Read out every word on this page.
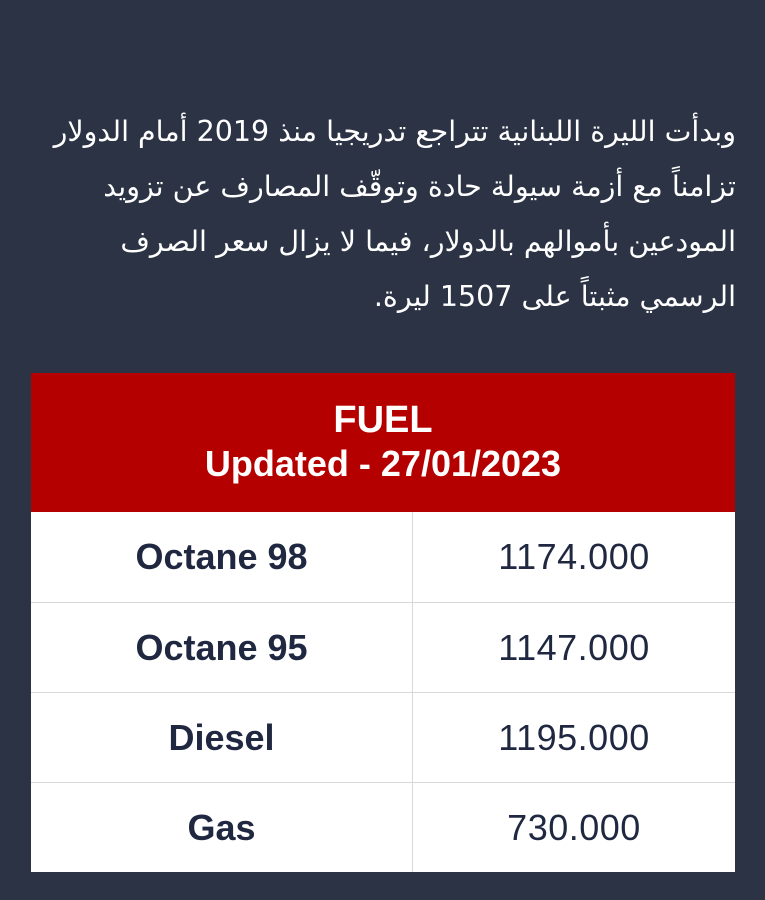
وبدأت الليرة اللبنانية تتراجع تدريجيا منذ 2019 أمام الدولار تزامناً مع أزمة سيولة حادة وتوقّف المصارف عن تزويد المودعين بأموالهم بالدولار، فيما لا يزال سعر الصرف الرسمي مثبتاً على 1507 ليرة.
FUEL
Updated - 27/01/2023
Octane 98	1174.000
Octane 95	1147.000
Diesel	1195.000
Gas	730.000
